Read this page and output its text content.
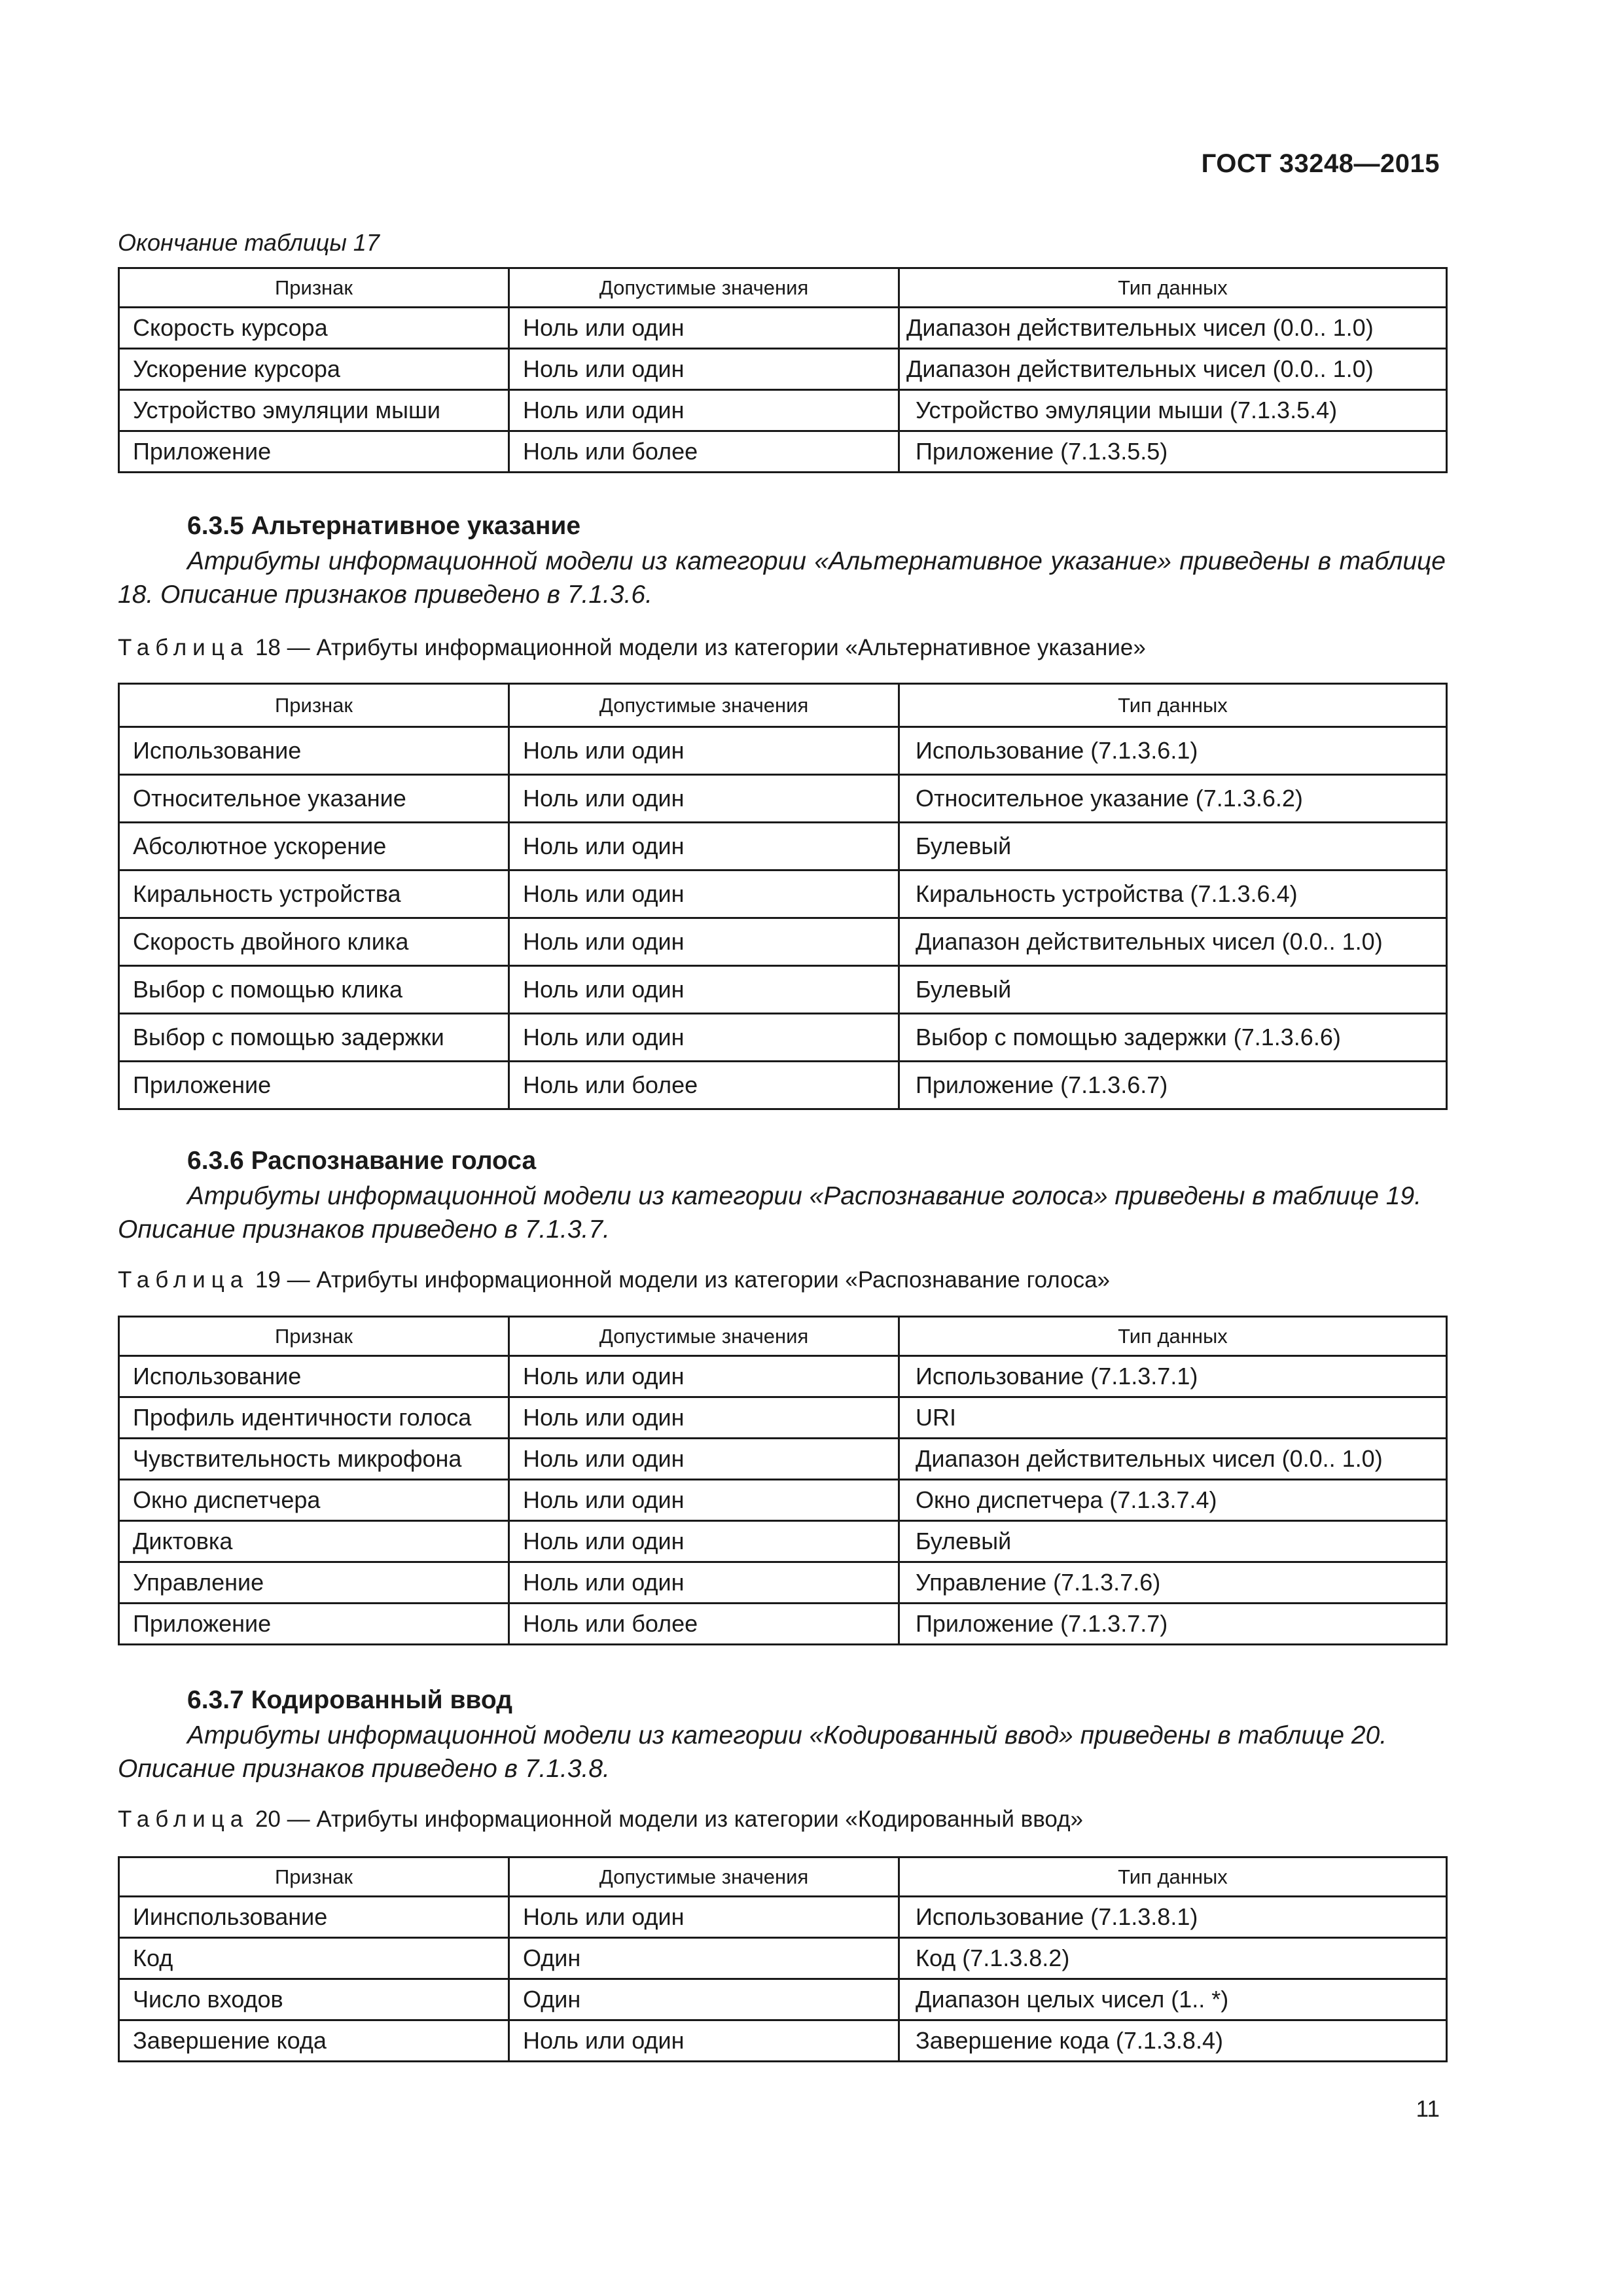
ГОСТ 33248—2015
Окончание таблицы 17
Признак	Допустимые значения	Тип данных
Скорость курсора	Ноль или один	Диапазон действительных чисел (0.0.. 1.0)
Ускорение курсора	Ноль или один	Диапазон действительных чисел (0.0.. 1.0)
Устройство эмуляции мыши	Ноль или один	Устройство эмуляции мыши (7.1.3.5.4)
Приложение	Ноль или более	Приложение (7.1.3.5.5)
6.3.5 Альтернативное указание
Атрибуты информационной модели из категории «Альтернативное указание» приведены в таблице 18. Описание признаков приведено в 7.1.3.6.
Таблица 18 — Атрибуты информационной модели из категории «Альтернативное указание»
Признак	Допустимые значения	Тип данных
Использование	Ноль или один	Использование (7.1.3.6.1)
Относительное указание	Ноль или один	Относительное указание (7.1.3.6.2)
Абсолютное ускорение	Ноль или один	Булевый
Киральность устройства	Ноль или один	Киральность устройства (7.1.3.6.4)
Скорость двойного клика	Ноль или один	Диапазон действительных чисел (0.0.. 1.0)
Выбор с помощью клика	Ноль или один	Булевый
Выбор с помощью задержки	Ноль или один	Выбор с помощью задержки (7.1.3.6.6)
Приложение	Ноль или более	Приложение (7.1.3.6.7)
6.3.6 Распознавание голоса
Атрибуты информационной модели из категории «Распознавание голоса» приведены в таблице 19. Описание признаков приведено в 7.1.3.7.
Таблица 19 — Атрибуты информационной модели из категории «Распознавание голоса»
Признак	Допустимые значения	Тип данных
Использование	Ноль или один	Использование (7.1.3.7.1)
Профиль идентичности голоса	Ноль или один	URI
Чувствительность микрофона	Ноль или один	Диапазон действительных чисел (0.0.. 1.0)
Окно диспетчера	Ноль или один	Окно диспетчера (7.1.3.7.4)
Диктовка	Ноль или один	Булевый
Управление	Ноль или один	Управление (7.1.3.7.6)
Приложение	Ноль или более	Приложение (7.1.3.7.7)
6.3.7 Кодированный ввод
Атрибуты информационной модели из категории «Кодированный ввод» приведены в таблице 20. Описание признаков приведено в 7.1.3.8.
Таблица 20 — Атрибуты информационной модели из категории «Кодированный ввод»
Признак	Допустимые значения	Тип данных
Иинспользование	Ноль или один	Использование (7.1.3.8.1)
Код	Один	Код (7.1.3.8.2)
Число входов	Один	Диапазон целых чисел (1.. *)
Завершение кода	Ноль или один	Завершение кода (7.1.3.8.4)
11
